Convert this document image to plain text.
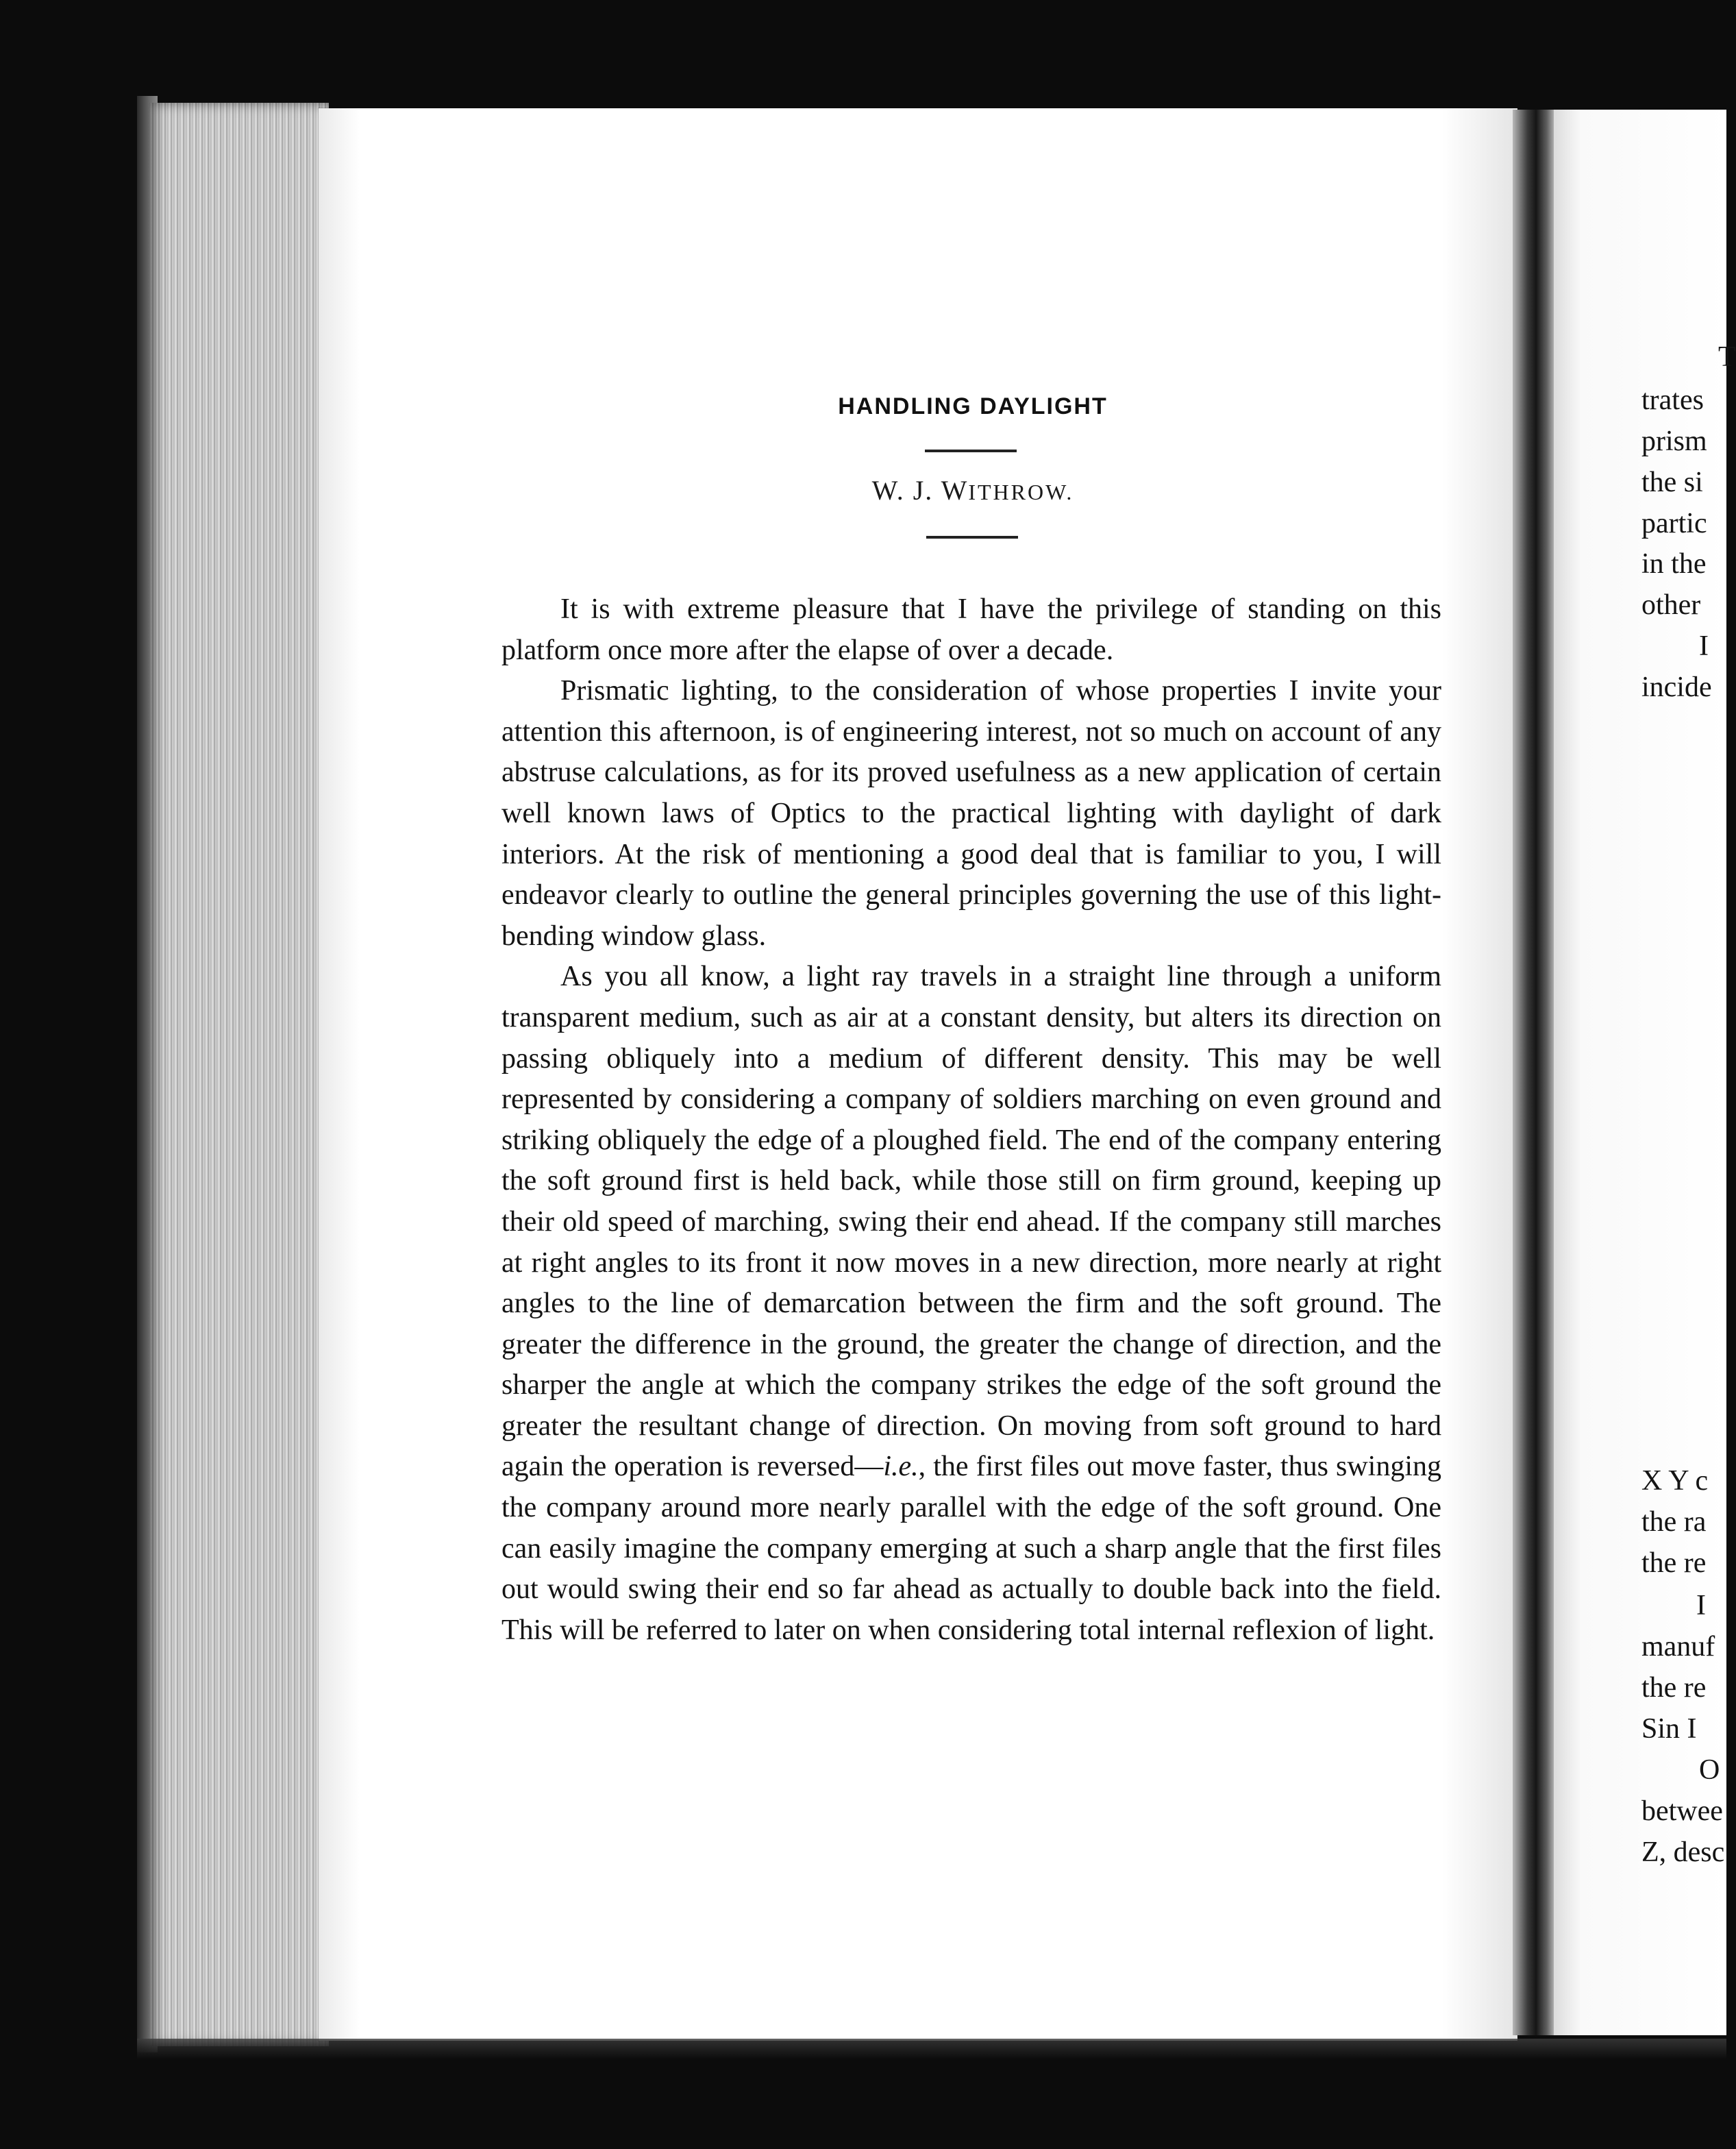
HANDLING DAYLIGHT
W. J. WITHROW.

It is with extreme pleasure that I have the privilege of standing on this platform once more after the elapse of over a decade.

Prismatic lighting, to the consideration of whose properties I invite your attention this afternoon, is of engineering interest, not so much on account of any abstruse calculations, as for its proved usefulness as a new application of certain well known laws of Optics to the practical lighting with daylight of dark interiors. At the risk of mentioning a good deal that is familiar to you, I will endeavor clearly to outline the general principles governing the use of this light-bending window glass.

As you all know, a light ray travels in a straight line through a uniform transparent medium, such as air at a constant density, but alters its direction on passing obliquely into a medium of different density. This may be well represented by considering a company of soldiers marching on even ground and striking obliquely the edge of a ploughed field. The end of the company entering the soft ground first is held back, while those still on firm ground, keeping up their old speed of marching, swing their end ahead. If the company still marches at right angles to its front it now moves in a new direction, more nearly at right angles to the line of demarcation between the firm and the soft ground. The greater the difference in the ground, the greater the change of direction, and the sharper the angle at which the company strikes the edge of the soft ground the greater the resultant change of direction. On moving from soft ground to hard again the operation is reversed—i.e., the first files out move faster, thus swinging the company around more nearly parallel with the edge of the soft ground. One can easily imagine the company emerging at such a sharp angle that the first files out would swing their end so far ahead as actually to double back into the field. This will be referred to later on when considering total internal reflexion of light.

T
trates
prism
the si
partic
in the
other
I
incide
X Y c
the ra
the re
I
manuf
the re
Sin I
O
betwee
Z, desc
